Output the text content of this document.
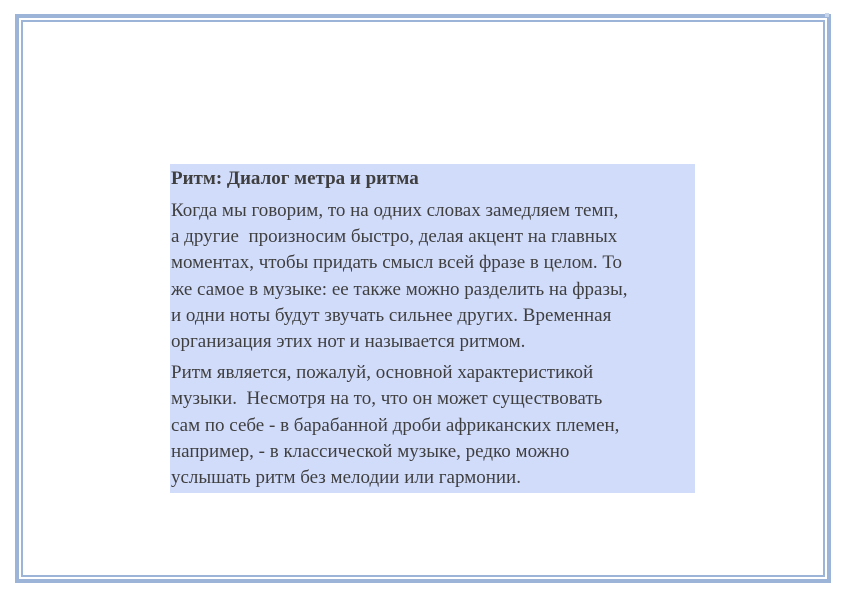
Ритм: Диалог метра и ритма
Когда мы говорим, то на одних словах замедляем темп,
а другие  произносим быстро, делая акцент на главных
моментах, чтобы придать смысл всей фразе в целом. То
же самое в музыке: ее также можно разделить на фразы,
и одни ноты будут звучать сильнее других. Временная
организация этих нот и называется ритмом.
Ритм является, пожалуй, основной характеристикой
музыки.  Несмотря на то, что он может существовать
сам по себе - в барабанной дроби африканских племен,
например, - в классической музыке, редко можно
услышать ритм без мелодии или гармонии.
